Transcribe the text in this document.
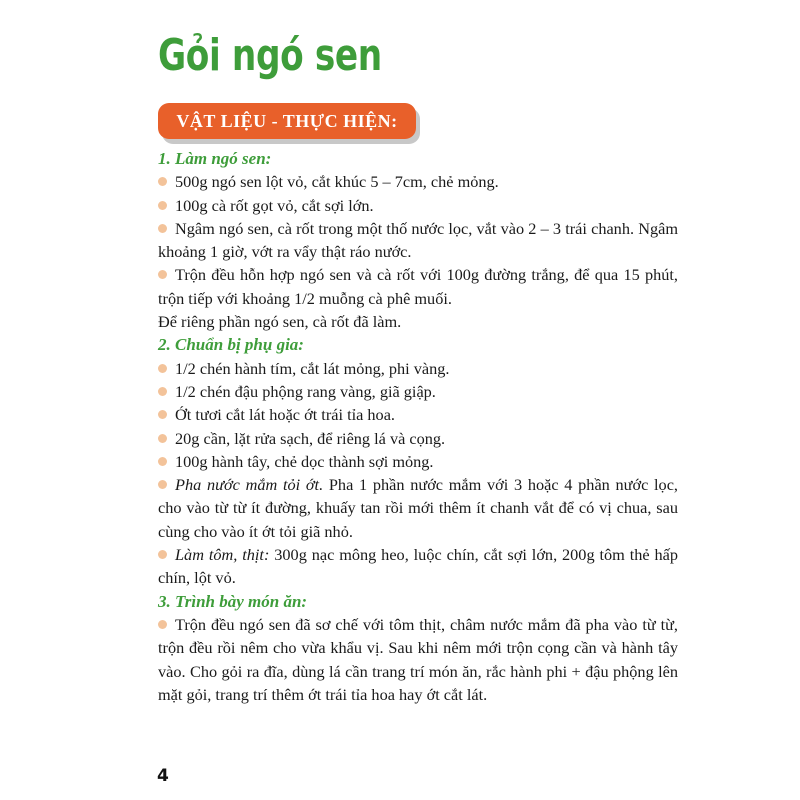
Gỏi ngó sen
VẬT LIỆU - THỰC HIỆN:
1. Làm ngó sen:
500g ngó sen lột vỏ, cắt khúc 5 – 7cm, chẻ mỏng.
100g cà rốt gọt vỏ, cắt sợi lớn.
Ngâm ngó sen, cà rốt trong một thố nước lọc, vắt vào 2 – 3 trái chanh. Ngâm khoảng 1 giờ, vớt ra vẩy thật ráo nước.
Trộn đều hỗn hợp ngó sen và cà rốt với 100g đường trắng, để qua 15 phút, trộn tiếp với khoảng 1/2 muỗng cà phê muối.
Để riêng phần ngó sen, cà rốt đã làm.
2. Chuẩn bị phụ gia:
1/2 chén hành tím, cắt lát mỏng, phi vàng.
1/2 chén đậu phộng rang vàng, giã giập.
Ớt tươi cắt lát hoặc ớt trái tỉa hoa.
20g cần, lặt rửa sạch, để riêng lá và cọng.
100g hành tây, chẻ dọc thành sợi mỏng.
Pha nước mắm tỏi ớt. Pha 1 phần nước mắm với 3 hoặc 4 phần nước lọc, cho vào từ từ ít đường, khuấy tan rồi mới thêm ít chanh vắt để có vị chua, sau cùng cho vào ít ớt tỏi giã nhỏ.
Làm tôm, thịt: 300g nạc mông heo, luộc chín, cắt sợi lớn, 200g tôm thẻ hấp chín, lột vỏ.
3. Trình bày món ăn:
Trộn đều ngó sen đã sơ chế với tôm thịt, châm nước mắm đã pha vào từ từ, trộn đều rồi nêm cho vừa khẩu vị. Sau khi nêm mới trộn cọng cần và hành tây vào. Cho gỏi ra đĩa, dùng lá cần trang trí món ăn, rắc hành phi + đậu phộng lên mặt gỏi, trang trí thêm ớt trái tỉa hoa hay ớt cắt lát.
4
